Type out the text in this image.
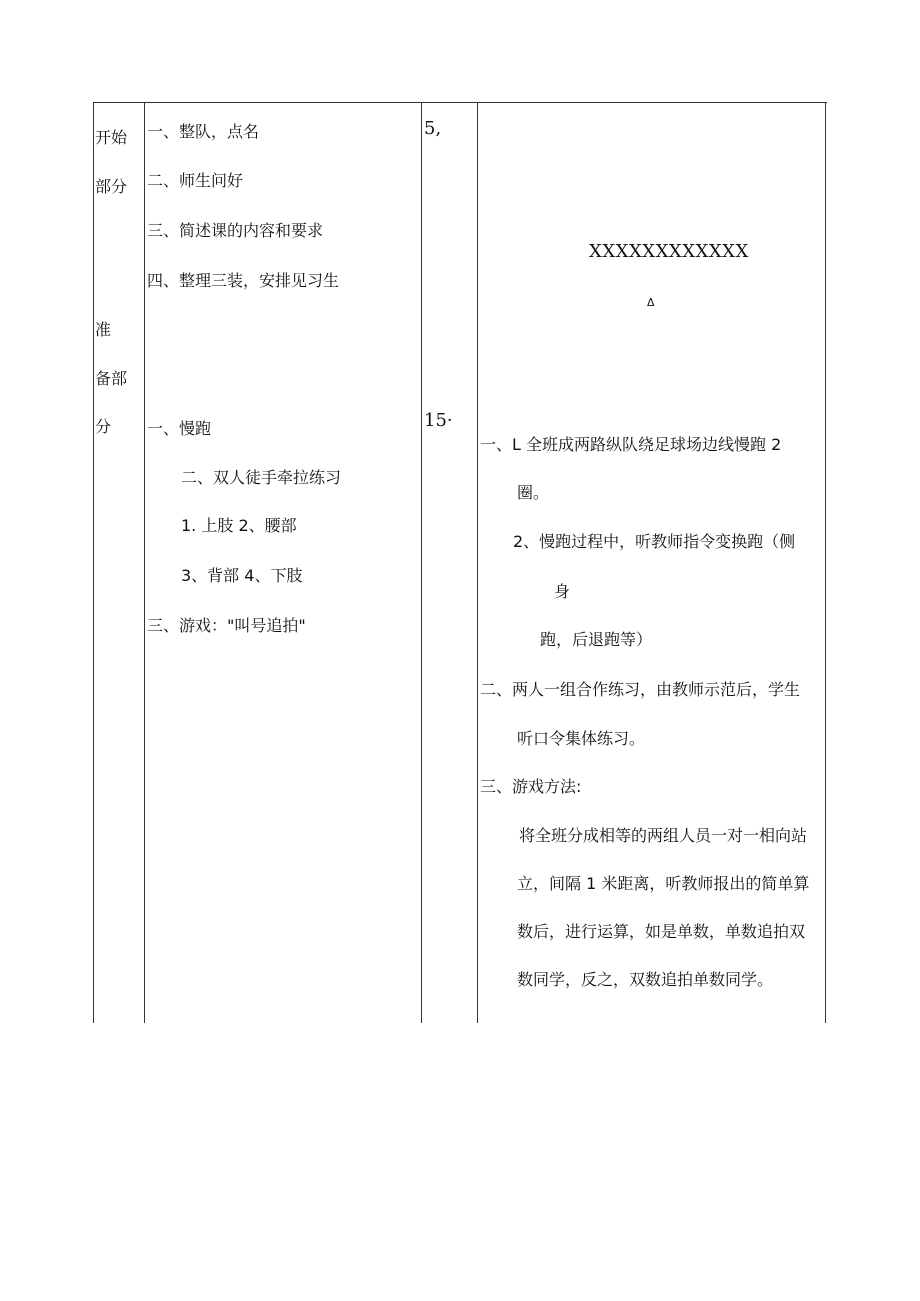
开始
部分
准
备部
分
一、整队，点名
二、师生问好
三、简述课的内容和要求
四、整理三装，安排见习生
一、慢跑
二、双人徒手牵拉练习
1. 上肢 2、腰部
3、背部 4、下肢
三、游戏："叫号追拍"
5,
15·
XXXXXXXXXXXX
Δ
一、L 全班成两路纵队绕足球场边线慢跑 2
圈。
2、慢跑过程中，听教师指令变换跑（侧
身
跑，后退跑等）
二、两人一组合作练习，由教师示范后，学生
听口令集体练习。
三、游戏方法:
将全班分成相等的两组人员一对一相向站
立，间隔 1 米距离，听教师报出的简单算
数后，进行运算，如是单数，单数追拍双
数同学，反之，双数追拍单数同学。
